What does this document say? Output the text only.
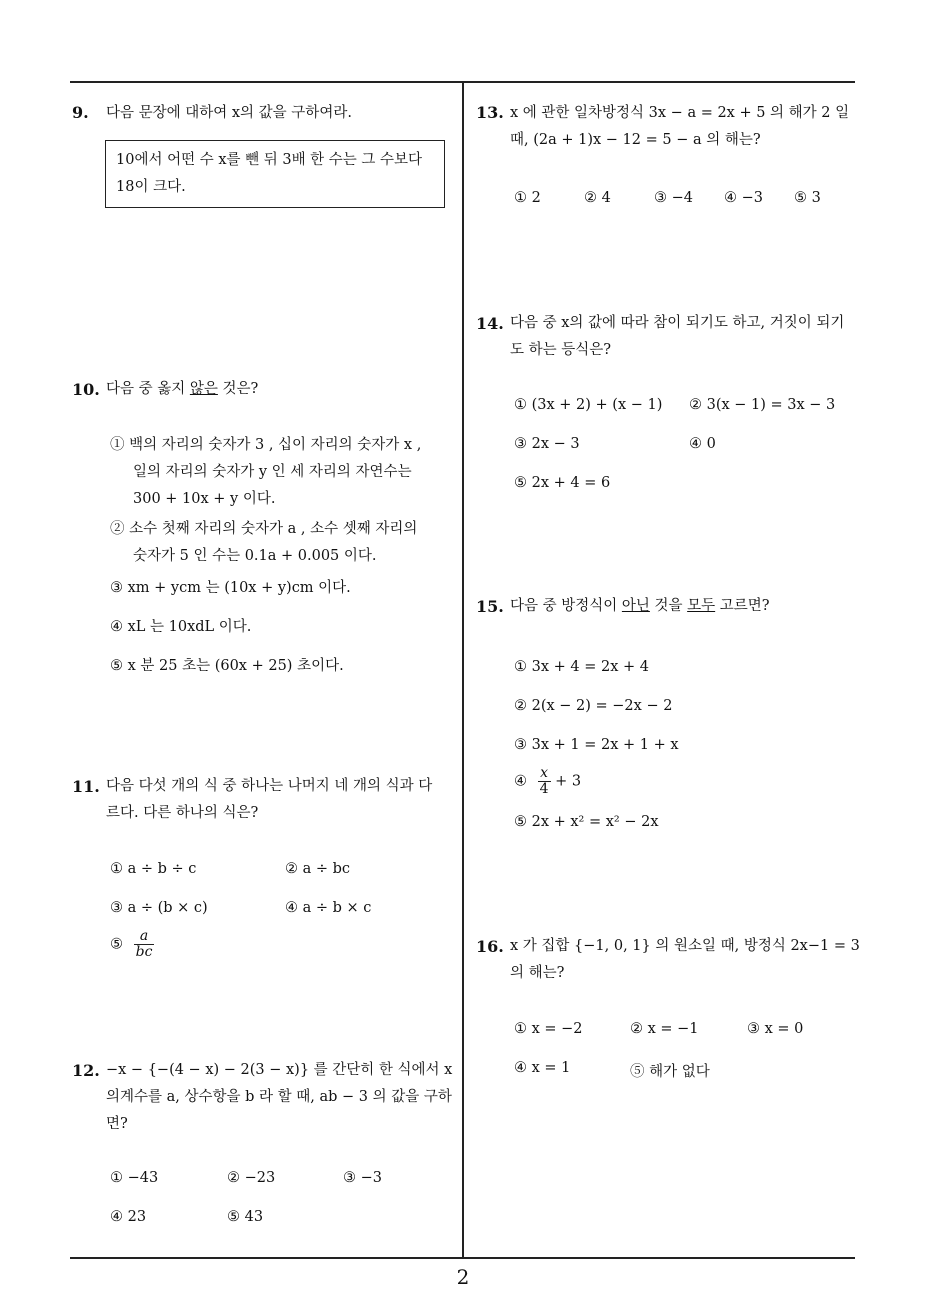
9. 다음 문장에 대하여 x의 값을 구하여라.
10에서 어떤 수 x를 뺀 뒤 3배 한 수는 그 수보다
18이 크다.
10. 다음 중 옳지 않은 것은?
① 백의 자리의 숫자가 3 , 십이 자리의 숫자가 x ,
일의 자리의 숫자가 y 인 세 자리의 자연수는
300 + 10x + y 이다.
② 소수 첫째 자리의 숫자가 a , 소수 셋째 자리의
숫자가 5 인 수는 0.1a + 0.005 이다.
③ xm + ycm 는 (10x + y)cm 이다.
④ xL 는 10xdL 이다.
⑤ x 분 25 초는 (60x + 25) 초이다.
11. 다음 다섯 개의 식 중 하나는 나머지 네 개의 식과 다
르다. 다른 하나의 식은?
① a ÷ b ÷ c	② a ÷ bc
③ a ÷ (b × c)	④ a ÷ b × c
⑤ $\frac{a}{bc}$
12. −x − {−(4 − x) − 2(3 − x)} 를 간단히 한 식에서 x
의계수를 a, 상수항을 b 라 할 때, ab − 3 의 값을 구하
면?
① −43	② −23	③ −3
④ 23	⑤ 43
13. x 에 관한 일차방정식 3x − a = 2x + 5 의 해가 2 일
때, (2a + 1)x − 12 = 5 − a 의 해는?
① 2	② 4	③ −4 ④ −3 ⑤ 3
14. 다음 중 x의 값에 따라 참이 되기도 하고, 거짓이 되기
도 하는 등식은?
① (3x + 2) + (x − 1) ② 3(x − 1) = 3x − 3
③ 2x − 3	④ 0
⑤ 2x + 4 = 6
15. 다음 중 방정식이 아닌 것을 모두 고르면?
① 3x + 4 = 2x + 4
② 2(x − 2) = −2x − 2
③ 3x + 1 = 2x + 1 + x
④ $\frac{x}{4} + 3$
⑤ 2x + x² = x² − 2x
16. x 가 집합 {−1, 0, 1} 의 원소일 때, 방정식 2x−1 = 3
의 해는?
① x = −2	② x = −1	③ x = 0
④ x = 1	⑤ 해가 없다
2
